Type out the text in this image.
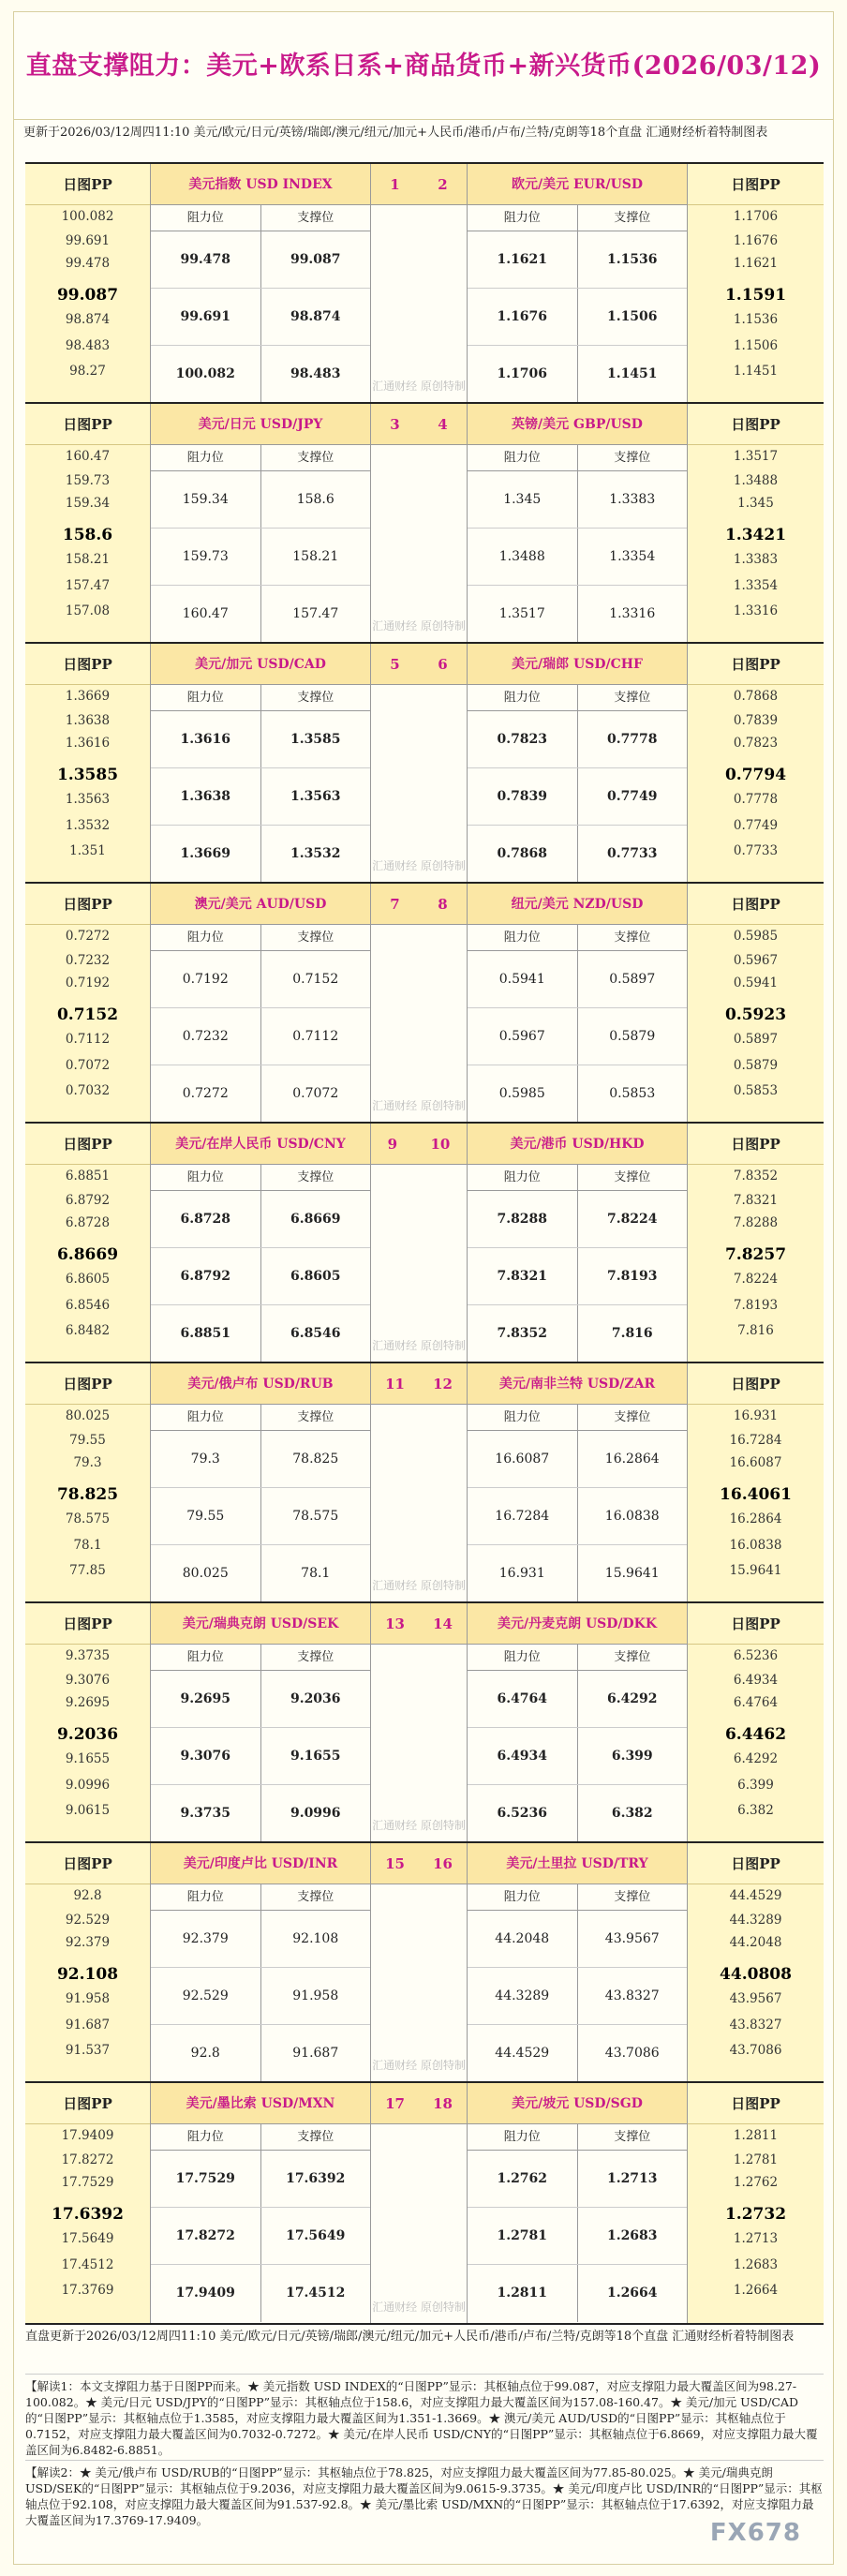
直盘支撑阻力：美元+欧系日系+商品货币+新兴货币(2026/03/12)
更新于2026/03/12周四11:10 美元/欧元/日元/英镑/瑞郎/澳元/纽元/加元+人民币/港币/卢布/兰特/克朗等18个直盘 汇通财经析着特制图表
日图PP
100.082
99.691
99.478
99.087
98.874
98.483
98.27
美元指数 USD INDEX
阻力位	支撑位
99.478	99.087
99.691	98.874
100.082	98.483
1	2
汇通财经 原创特制
欧元/美元 EUR/USD
阻力位	支撑位
1.1621	1.1536
1.1676	1.1506
1.1706	1.1451
日图PP
1.1706
1.1676
1.1621
1.1591
1.1536
1.1506
1.1451
日图PP
160.47
159.73
159.34
158.6
158.21
157.47
157.08
美元/日元 USD/JPY
阻力位	支撑位
159.34	158.6
159.73	158.21
160.47	157.47
3	4
汇通财经 原创特制
英镑/美元 GBP/USD
阻力位	支撑位
1.345	1.3383
1.3488	1.3354
1.3517	1.3316
日图PP
1.3517
1.3488
1.345
1.3421
1.3383
1.3354
1.3316
日图PP
1.3669
1.3638
1.3616
1.3585
1.3563
1.3532
1.351
美元/加元 USD/CAD
阻力位	支撑位
1.3616	1.3585
1.3638	1.3563
1.3669	1.3532
5	6
汇通财经 原创特制
美元/瑞郎 USD/CHF
阻力位	支撑位
0.7823	0.7778
0.7839	0.7749
0.7868	0.7733
日图PP
0.7868
0.7839
0.7823
0.7794
0.7778
0.7749
0.7733
日图PP
0.7272
0.7232
0.7192
0.7152
0.7112
0.7072
0.7032
澳元/美元 AUD/USD
阻力位	支撑位
0.7192	0.7152
0.7232	0.7112
0.7272	0.7072
7	8
汇通财经 原创特制
纽元/美元 NZD/USD
阻力位	支撑位
0.5941	0.5897
0.5967	0.5879
0.5985	0.5853
日图PP
0.5985
0.5967
0.5941
0.5923
0.5897
0.5879
0.5853
日图PP
6.8851
6.8792
6.8728
6.8669
6.8605
6.8546
6.8482
美元/在岸人民币 USD/CNY
阻力位	支撑位
6.8728	6.8669
6.8792	6.8605
6.8851	6.8546
9 10
汇通财经 原创特制
美元/港币 USD/HKD
阻力位	支撑位
7.8288	7.8224
7.8321	7.8193
7.8352	7.816
日图PP
7.8352
7.8321
7.8288
7.8257
7.8224
7.8193
7.816
日图PP
80.025
79.55
79.3
78.825
78.575
78.1
77.85
美元/俄卢布 USD/RUB
阻力位	支撑位
79.3	78.825
79.55	78.575
80.025	78.1
11 12
汇通财经 原创特制
美元/南非兰特 USD/ZAR
阻力位	支撑位
16.6087	16.2864
16.7284	16.0838
16.931	15.9641
日图PP
16.931
16.7284
16.6087
16.4061
16.2864
16.0838
15.9641
日图PP
9.3735
9.3076
9.2695
9.2036
9.1655
9.0996
9.0615
美元/瑞典克朗 USD/SEK
阻力位	支撑位
9.2695	9.2036
9.3076	9.1655
9.3735	9.0996
13 14
汇通财经 原创特制
美元/丹麦克朗 USD/DKK
阻力位	支撑位
6.4764	6.4292
6.4934	6.399
6.5236	6.382
日图PP
6.5236
6.4934
6.4764
6.4462
6.4292
6.399
6.382
日图PP
92.8
92.529
92.379
92.108
91.958
91.687
91.537
美元/印度卢比 USD/INR
阻力位	支撑位
92.379	92.108
92.529	91.958
92.8	91.687
15 16
汇通财经 原创特制
美元/土里拉 USD/TRY
阻力位	支撑位
44.2048	43.9567
44.3289	43.8327
44.4529	43.7086
日图PP
44.4529
44.3289
44.2048
44.0808
43.9567
43.8327
43.7086
日图PP
17.9409
17.8272
17.7529
17.6392
17.5649
17.4512
17.3769
美元/墨比索 USD/MXN
阻力位	支撑位
17.7529	17.6392
17.8272	17.5649
17.9409	17.4512
17 18
汇通财经 原创特制
美元/坡元 USD/SGD
阻力位	支撑位
1.2762	1.2713
1.2781	1.2683
1.2811	1.2664
日图PP
1.2811
1.2781
1.2762
1.2732
1.2713
1.2683
1.2664
直盘更新于2026/03/12周四11:10 美元/欧元/日元/英镑/瑞郎/澳元/纽元/加元+人民币/港币/卢布/兰特/克朗等18个直盘 汇通财经析着特制图表
【解读1：本文支撑阻力基于日图PP而来。★ 美元指数 USD INDEX的“日图PP”显示：其枢轴点位于99.087，对应支撑阻力最大覆盖区间为98.27-100.082。★ 美元/日元 USD/JPY的“日图PP”显示：其枢轴点位于158.6，对应支撑阻力最大覆盖区间为157.08-160.47。★ 美元/加元 USD/CAD的“日图PP”显示：其枢轴点位于1.3585，对应支撑阻力最大覆盖区间为1.351-1.3669。★ 澳元/美元 AUD/USD的“日图PP”显示：其枢轴点位于0.7152，对应支撑阻力最大覆盖区间为0.7032-0.7272。★ 美元/在岸人民币 USD/CNY的“日图PP”显示：其枢轴点位于6.8669，对应支撑阻力最大覆盖区间为6.8482-6.8851。
【解读2：★ 美元/俄卢布 USD/RUB的“日图PP”显示：其枢轴点位于78.825，对应支撑阻力最大覆盖区间为77.85-80.025。★ 美元/瑞典克朗 USD/SEK的“日图PP”显示：其枢轴点位于9.2036，对应支撑阻力最大覆盖区间为9.0615-9.3735。★ 美元/印度卢比 USD/INR的“日图PP”显示：其枢轴点位于92.108，对应支撑阻力最大覆盖区间为91.537-92.8。★ 美元/墨比索 USD/MXN的“日图PP”显示：其枢轴点位于17.6392，对应支撑阻力最大覆盖区间为17.3769-17.9409。	FX678
